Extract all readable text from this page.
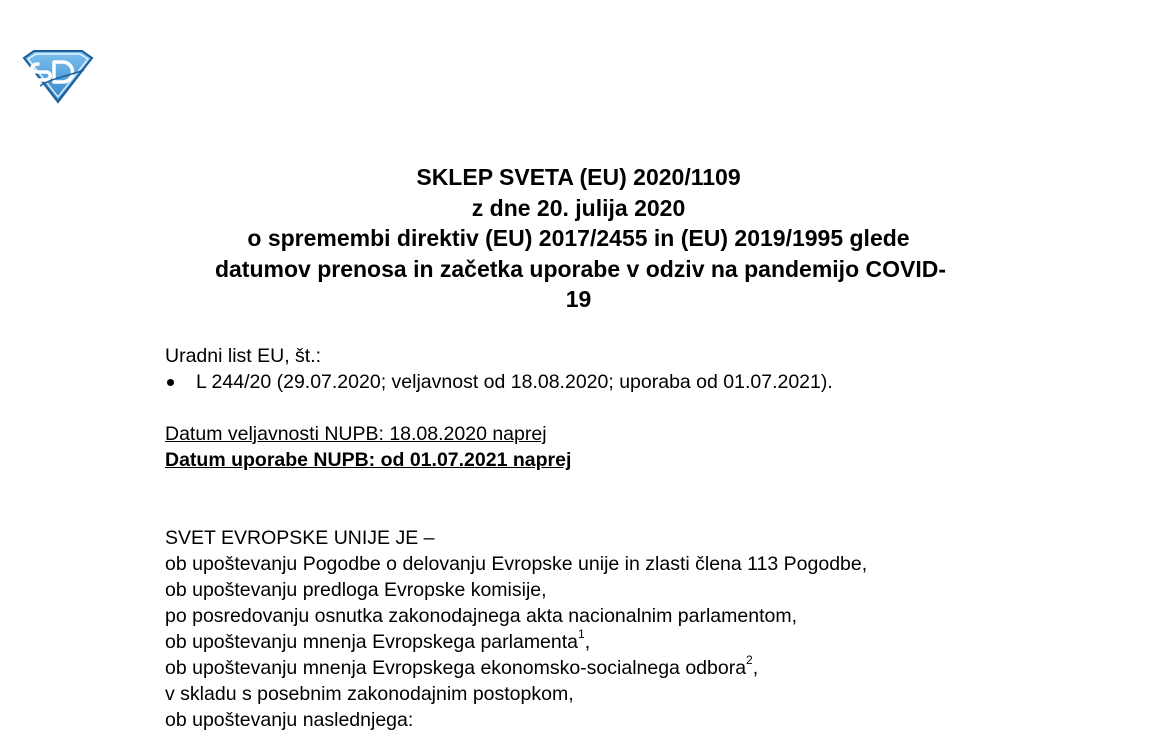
SKLEP SVETA (EU) 2020/1109
z dne 20. julija 2020
o spremembi direktiv (EU) 2017/2455 in (EU) 2019/1995 glede
datumov prenosa in začetka uporabe v odziv na pandemijo COVID-
19
Uradni list EU, št.:
L 244/20 (29.07.2020; veljavnost od 18.08.2020; uporaba od 01.07.2021).
Datum veljavnosti NUPB: 18.08.2020 naprej
Datum uporabe NUPB: od 01.07.2021 naprej
SVET EVROPSKE UNIJE JE –
ob upoštevanju Pogodbe o delovanju Evropske unije in zlasti člena 113 Pogodbe,
ob upoštevanju predloga Evropske komisije,
po posredovanju osnutka zakonodajnega akta nacionalnim parlamentom,
ob upoštevanju mnenja Evropskega parlamenta$^1$,
ob upoštevanju mnenja Evropskega ekonomsko-socialnega odbora$^2$,
v skladu s posebnim zakonodajnim postopkom,
ob upoštevanju naslednjega:
